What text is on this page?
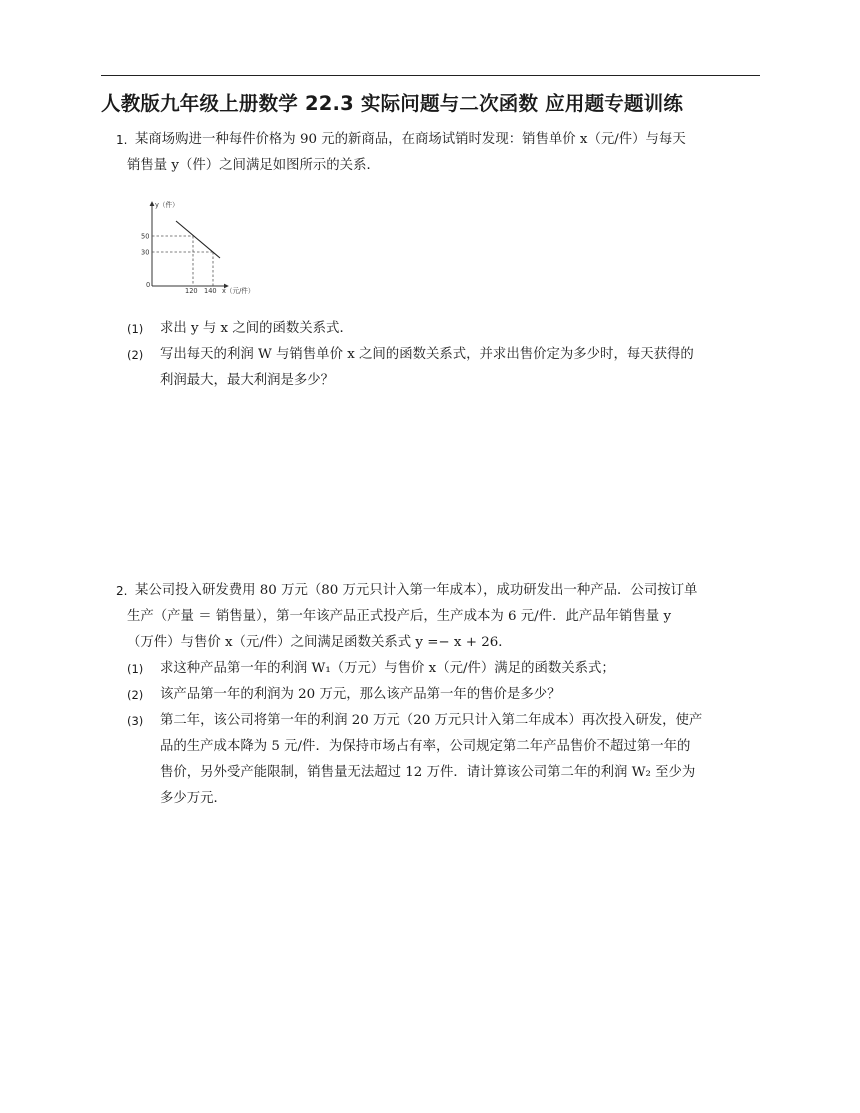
人教版九年级上册数学 22.3 实际问题与二次函数 应用题专题训练
1. 某商场购进一种每件价格为 90 元的新商品，在商场试销时发现：销售单价 x（元/件）与每天
销售量 y（件）之间满足如图所示的关系．
y（件）
50
30
0
120 140 x（元/件）
(1) 求出 y 与 x 之间的函数关系式．
(2) 写出每天的利润 W 与销售单价 x 之间的函数关系式，并求出售价定为多少时，每天获得的
利润最大，最大利润是多少？
2. 某公司投入研发费用 80 万元（80 万元只计入第一年成本），成功研发出一种产品．公司按订单
生产（产量 ＝ 销售量），第一年该产品正式投产后，生产成本为 6 元/件．此产品年销售量 y
（万件）与售价 x（元/件）之间满足函数关系式 y =− x + 26．
(1) 求这种产品第一年的利润 W₁（万元）与售价 x（元/件）满足的函数关系式；
(2) 该产品第一年的利润为 20 万元，那么该产品第一年的售价是多少？
(3) 第二年，该公司将第一年的利润 20 万元（20 万元只计入第二年成本）再次投入研发，使产
品的生产成本降为 5 元/件．为保持市场占有率，公司规定第二年产品售价不超过第一年的
售价，另外受产能限制，销售量无法超过 12 万件．请计算该公司第二年的利润 W₂ 至少为
多少万元．
